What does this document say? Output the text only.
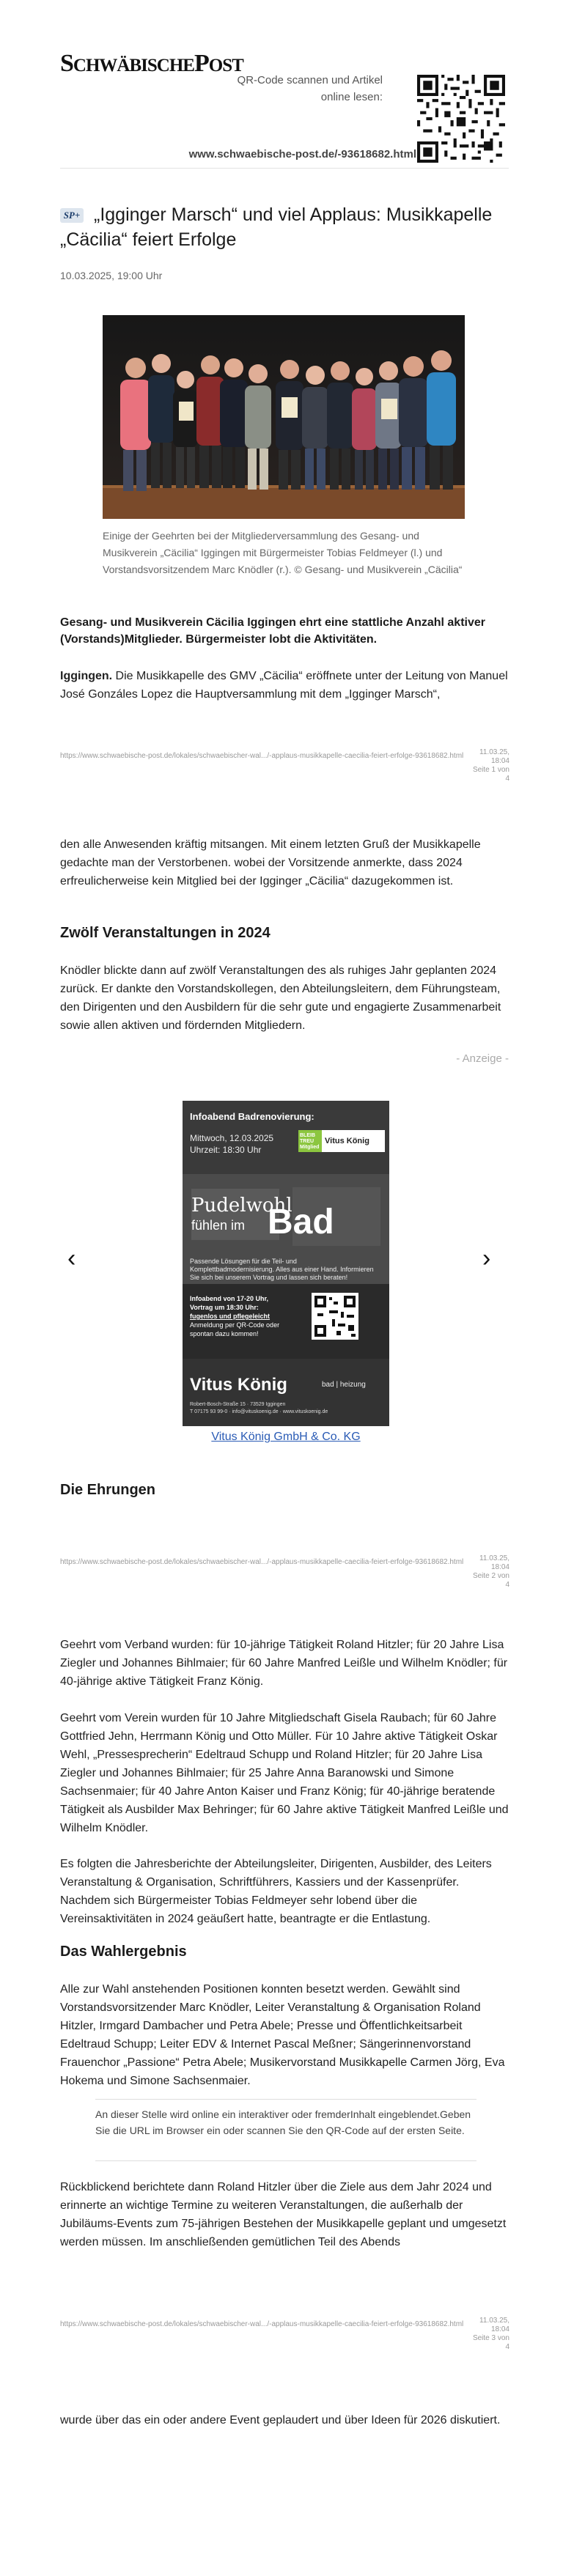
SCHWÄBISCHEPOST
QR-Code scannen und Artikel online lesen:
www.schwaebische-post.de/-93618682.html
„Igginger Marsch“ und viel Applaus: Musikkapelle „Cäcilia“ feiert Erfolge
SP+
10.03.2025, 19:00 Uhr
Einige der Geehrten bei der Mitgliederversammlung des Gesang- und Musikverein „Cäcilia“ Iggingen mit Bürgermeister Tobias Feldmeyer (l.) und Vorstandsvorsitzendem Marc Knödler (r.). © Gesang- und Musikverein „Cäcilia“
Gesang- und Musikverein Cäcilia Iggingen ehrt eine stattliche Anzahl aktiver (Vorstands)Mitglieder. Bürgermeister lobt die Aktivitäten.

Iggingen. Die Musikkapelle des GMV „Cäcilia“ eröffnete unter der Leitung von Manuel José Gonzáles Lopez die Hauptversammlung mit dem „Igginger Marsch“,

https://www.schwaebische-post.de/lokales/schwaebischer-wal.../-applaus-musikkapelle-caecilia-feiert-erfolge-93618682.html	11.03.25, 18:04
Seite 1 von 4

den alle Anwesenden kräftig mitsangen. Mit einem letzten Gruß der Musikkapelle gedachte man der Verstorbenen. wobei der Vorsitzende anmerkte, dass 2024 erfreulicherweise kein Mitglied bei der Igginger „Cäcilia“ dazugekommen ist.

Zwölf Veranstaltungen in 2024

Knödler blickte dann auf zwölf Veranstaltungen des als ruhiges Jahr geplanten 2024 zurück. Er dankte den Vorstandskollegen, den Abteilungsleitern, dem Führungsteam, den Dirigenten und den Ausbildern für die sehr gute und engagierte Zusammenarbeit sowie allen aktiven und fördernden Mitgliedern.

- Anzeige -
‹	›
Infoabend Badrenovierung:
Mittwoch, 12.03.2025
Uhrzeit: 18:30 Uhr
BLEIB TREU Mitglied
Vitus König
Pudelwohl
fühlen im Bad
Passende Lösungen für die Teil- und Komplettbadmodernisierung. Alles aus einer Hand. Informieren Sie sich bei unserem Vortrag und lassen sich beraten!
Infoabend von 17-20 Uhr,
Vortrag um 18:30 Uhr:
fugenlos und pflegeleicht
Anmeldung per QR-Code oder
spontan dazu kommen!
Vitus König	bad | heizung
Robert-Bosch-Straße 15 · 73529 Iggingen
T 07175 93 99-0 · info@vituskoenig.de · www.vituskoenig.de
Vitus König GmbH & Co. KG
Die Ehrungen
https://www.schwaebische-post.de/lokales/schwaebischer-wal.../-applaus-musikkapelle-caecilia-feiert-erfolge-93618682.html	11.03.25, 18:04
Seite 2 von 4

Geehrt vom Verband wurden: für 10-jährige Tätigkeit Roland Hitzler; für 20 Jahre Lisa Ziegler und Johannes Bihlmaier; für 60 Jahre Manfred Leißle und Wilhelm Knödler; für 40-jährige aktive Tätigkeit Franz König.

Geehrt vom Verein wurden für 10 Jahre Mitgliedschaft Gisela Raubach; für 60 Jahre Gottfried Jehn, Herrmann König und Otto Müller. Für 10 Jahre aktive Tätigkeit Oskar Wehl, „Pressesprecherin“ Edeltraud Schupp und Roland Hitzler; für 20 Jahre Lisa Ziegler und Johannes Bihlmaier; für 25 Jahre Anna Baranowski und Simone Sachsenmaier; für 40 Jahre Anton Kaiser und Franz König; für 40-jährige beratende Tätigkeit als Ausbilder Max Behringer; für 60 Jahre aktive Tätigkeit Manfred Leißle und Wilhelm Knödler.

Es folgten die Jahresberichte der Abteilungsleiter, Dirigenten, Ausbilder, des Leiters Veranstaltung & Organisation, Schriftführers, Kassiers und der Kassenprüfer. Nachdem sich Bürgermeister Tobias Feldmeyer sehr lobend über die Vereinsaktivitäten in 2024 geäußert hatte, beantragte er die Entlastung.

Das Wahlergebnis

Alle zur Wahl anstehenden Positionen konnten besetzt werden. Gewählt sind Vorstandsvorsitzender Marc Knödler, Leiter Veranstaltung & Organisation Roland Hitzler, Irmgard Dambacher und Petra Abele; Presse und Öffentlichkeitsarbeit Edeltraud Schupp; Leiter EDV & Internet Pascal Meßner; Sängerinnenvorstand Frauenchor „Passione“ Petra Abele; Musikervorstand Musikkapelle Carmen Jörg, Eva Hokema und Simone Sachsenmaier.

An dieser Stelle wird online ein interaktiver oder fremderInhalt eingeblendet.Geben Sie die URL im Browser ein oder scannen Sie den QR-Code auf der ersten Seite.

Rückblickend berichtete dann Roland Hitzler über die Ziele aus dem Jahr 2024 und erinnerte an wichtige Termine zu weiteren Veranstaltungen, die außerhalb der Jubiläums-Events zum 75-jährigen Bestehen der Musikkapelle geplant und umgesetzt werden müssen. Im anschließenden gemütlichen Teil des Abends

https://www.schwaebische-post.de/lokales/schwaebischer-wal.../-applaus-musikkapelle-caecilia-feiert-erfolge-93618682.html	11.03.25, 18:04
Seite 3 von 4

wurde über das ein oder andere Event geplaudert und über Ideen für 2026 diskutiert.
